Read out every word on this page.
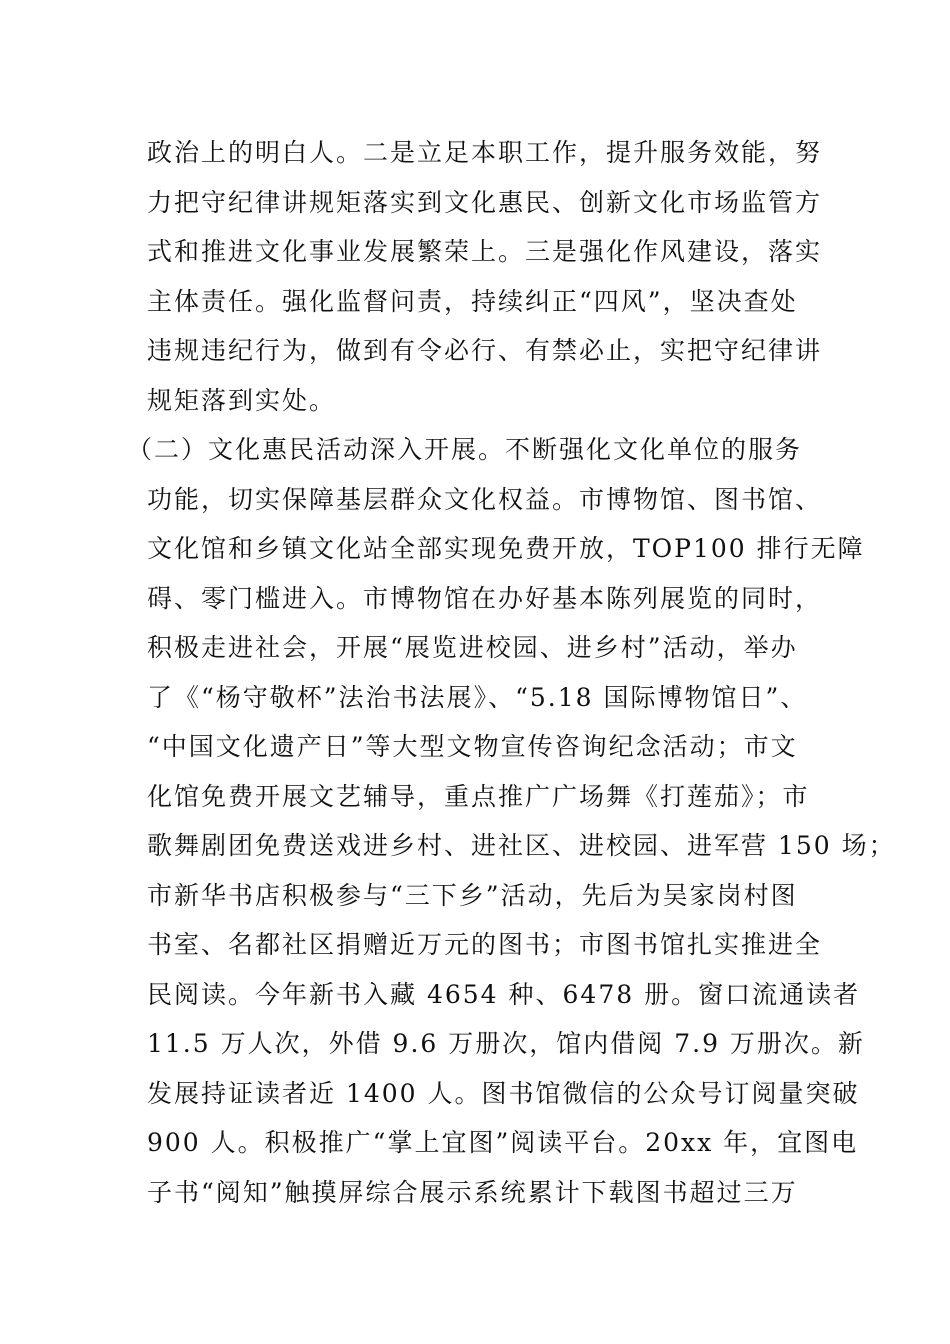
政治上的明白人。二是立足本职工作，提升服务效能，努
力把守纪律讲规矩落实到文化惠民、创新文化市场监管方
式和推进文化事业发展繁荣上。三是强化作风建设，落实
主体责任。强化监督问责，持续纠正“四风”，坚决查处
违规违纪行为，做到有令必行、有禁必止，实把守纪律讲
规矩落到实处。
（二）文化惠民活动深入开展。不断强化文化单位的服务
功能，切实保障基层群众文化权益。市博物馆、图书馆、
文化馆和乡镇文化站全部实现免费开放，TOP100 排行无障
碍、零门槛进入。市博物馆在办好基本陈列展览的同时，
积极走进社会，开展“展览进校园、进乡村”活动，举办
了《“杨守敬杯”法治书法展》、“5.18 国际博物馆日”、
“中国文化遗产日”等大型文物宣传咨询纪念活动；市文
化馆免费开展文艺辅导，重点推广广场舞《打莲茄》；市
歌舞剧团免费送戏进乡村、进社区、进校园、进军营 150 场；
市新华书店积极参与“三下乡”活动，先后为吴家岗村图
书室、名都社区捐赠近万元的图书；市图书馆扎实推进全
民阅读。今年新书入藏 4654 种、6478 册。窗口流通读者
11.5 万人次，外借 9.6 万册次，馆内借阅 7.9 万册次。新
发展持证读者近 1400 人。图书馆微信的公众号订阅量突破
900 人。积极推广“掌上宜图”阅读平台。20xx 年，宜图电
子书“阅知”触摸屏综合展示系统累计下载图书超过三万
